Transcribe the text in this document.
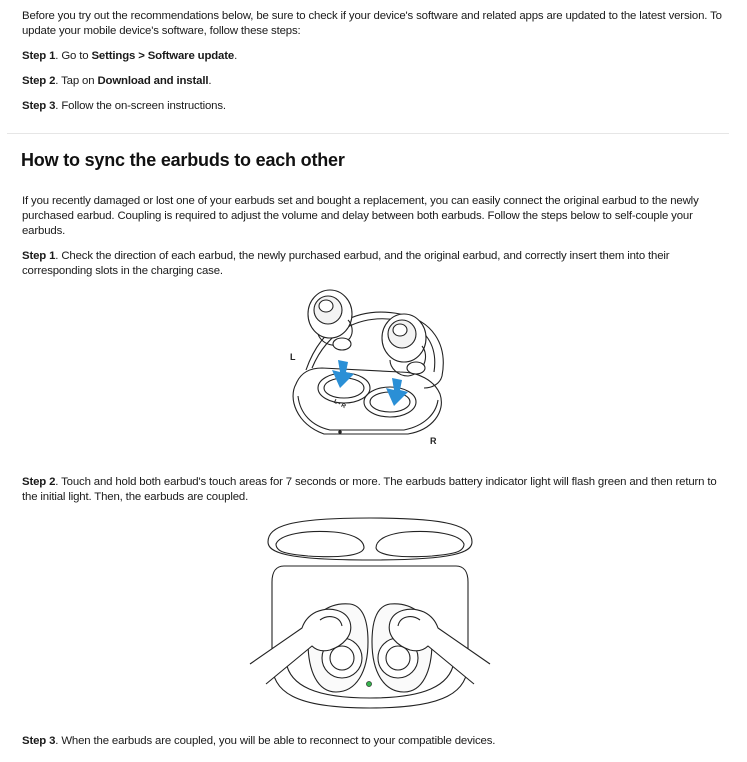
Before you try out the recommendations below, be sure to check if your device's software and related apps are updated to the latest version. To update your mobile device's software, follow these steps:

Step 1. Go to Settings > Software update.

Step 2. Tap on Download and install.

Step 3. Follow the on-screen instructions.

How to sync the earbuds to each other

If you recently damaged or lost one of your earbuds set and bought a replacement, you can easily connect the original earbud to the newly purchased earbud. Coupling is required to adjust the volume and delay between both earbuds. Follow the steps below to self-couple your earbuds.

Step 1. Check the direction of each earbud, the newly purchased earbud, and the original earbud, and correctly insert them into their corresponding slots in the charging case.

L
R
L - R

Step 2. Touch and hold both earbud's touch areas for 7 seconds or more. The earbuds battery indicator light will flash green and then return to the initial light. Then, the earbuds are coupled.

Step 3. When the earbuds are coupled, you will be able to reconnect to your compatible devices.
